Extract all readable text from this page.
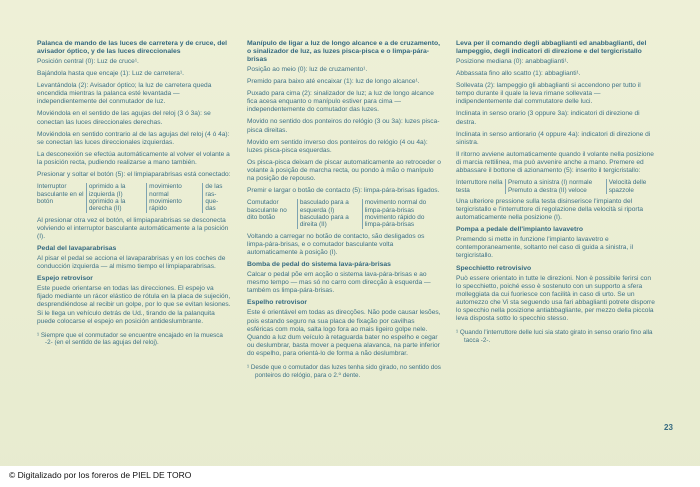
Palanca de mando de las luces de carretera y de cruce, del avisador óptico, y de las luces direccionales

Posición central (0): Luz de cruce¹.

Bajándola hasta que encaje (1): Luz de carretera¹.

Levantándola (2): Avisador óptico; la luz de carretera queda encendida mientras la palanca esté levantada — independientemente del conmutador de luz.

Moviéndola en el sentido de las agujas del reloj (3 ó 3a): se conectan las luces direccionales derechas.

Moviéndola en sentido contrario al de las agujas del reloj (4 ó 4a): se conectan las luces direccionales izquierdas.

La desconexión se efectúa automáticamente al volver el volante a la posición recta, pudiendo realizarse a mano también.

Presionar y soltar el botón (5): el limpiaparabrisas está conectado:

Interruptor basculante en el botón	oprimido a la izquierda (I) oprimido a la derecha (II)	movimiento normal movimiento rápido	de las ras- que- das

Al presionar otra vez el botón, el limpiaparabrisas se desconecta volviendo el interruptor basculante automáticamente a la posición (I).

Pedal del lavaparabrisas

Al pisar el pedal se acciona el lavaparabrisas y en los coches de conducción izquierda — al mismo tiempo el limpiaparabrisas.

Espejo retrovisor

Este puede orientarse en todas las direcciones. El espejo va fijado mediante un rácor elástico de rótula en la placa de sujeción, desprendiéndose al recibir un golpe, por lo que se evitan lesiones. Si le llega un vehículo detrás de Ud., tirando de la palanquita puede colocarse el espejo en posición antideslumbrante.

¹ Siempre que el conmutador se encuentre encajado en la muesca -2- (en el sentido de las agujas del reloj).
Manípulo de ligar a luz de longo alcance e a de cruzamento, o sinalizador de luz, as luzes pisca-pisca e o limpa-pára-brisas

Posição ao meio (0): luz de cruzamento¹.

Premido para baixo até encaixar (1): luz de longo alcance¹.

Puxado para cima (2): sinalizador de luz; a luz de longo alcance fica acesa enquanto o manípulo estiver para cima — independentemente do comutador das luzes.

Movido no sentido dos ponteiros do relógio (3 ou 3a): luzes pisca-pisca direitas.

Movido em sentido inverso dos ponteiros do relógio (4 ou 4a): luzes pisca-pisca esquerdas.

Os pisca-pisca deixam de piscar automaticamente ao retroceder o volante à posição de marcha recta, ou pondo à mão o manípulo na posição de repouso.

Premir e largar o botão de contacto (5): limpa-pára-brisas ligados.

Comutador basculante no dito botão	basculado para a esquerda (I) basculado para a direita (II)	movimento normal do limpa-pára-brisas movimento rápido do limpa-pára-brisas

Voltando a carregar no botão de contacto, são desligados os limpa-pára-brisas, e o comutador basculante volta automaticamente à posição (I).

Bomba de pedal do sistema lava-pára-brisas

Calcar o pedal põe em acção o sistema lava-pára-brisas e ao mesmo tempo — mas só no carro com direcção à esquerda — também os limpa-pára-brisas.

Espelho retrovisor

Este é orientável em todas as direcções. Não pode causar lesões, pois estando seguro na sua placa de fixação por cavilhas esféricas com mola, salta logo fora ao mais ligeiro golpe nele. Quando a luz dum veículo à retaguarda bater no espelho e cegar ou deslumbrar, basta mover a pequena alavanca, na parte inferior do espelho, para orientá-lo de forma a não deslumbrar.

¹ Desde que o comutador das luzes tenha sido girado, no sentido dos ponteiros do relógio, para o 2.º dente.
Leva per il comando degli abbaglianti ed anabbaglianti, del lampeggio, degli indicatori di direzione e del tergicristallo

Posizione mediana (0): anabbaglianti¹.

Abbassata fino allo scatto (1): abbaglianti¹.

Sollevata (2): lampeggio gli abbaglianti si accendono per tutto il tempo durante il quale la leva rimane sollevata — indipendentemente dal commutatore delle luci.

Inclinata in senso orario (3 oppure 3a): indicatori di direzione di destra.

Inclinata in senso antiorario (4 oppure 4a): indicatori di direzione di sinistra.

Il ritorno avviene automaticamente quando il volante nella posizione di marcia rettilinea, ma può avvenire anche a mano. Premere ed abbassare il bottone di azionamento (5): inserito il tergicristallo:

Interruttore nella testa	Premuto a sinistra (I) normale Premuto a destra (II) veloce	Velocità delle spazzole

Una ulteriore pressione sulla testa disinserisce l'impianto del tergicristallo e l'interruttore di regolazione della velocità si riporta automaticamente nella posizione (I).

Pompa a pedale dell'impianto lavavetro

Premendo si mette in funzione l'impianto lavavetro e contemporaneamente, soltanto nel caso di guida a sinistra, il tergicristallo.

Specchietto retrovisivo

Può essere orientato in tutte le direzioni. Non è possibile ferirsi con lo specchietto, poiché esso è sostenuto con un supporto a sfera molleggiata da cui fuoriesce con facilità in caso di urto. Se un automezzo che Vi sta seguendo usa fari abbaglianti potrete disporre lo specchio nella posizione antiabbagliante, per mezzo della piccola leva disposta sotto lo specchio stesso.

¹ Quando l'interruttore delle luci sia stato girato in senso orario fino alla tacca -2-.
23
© Digitalizado por los foreros de PIEL DE TORO
